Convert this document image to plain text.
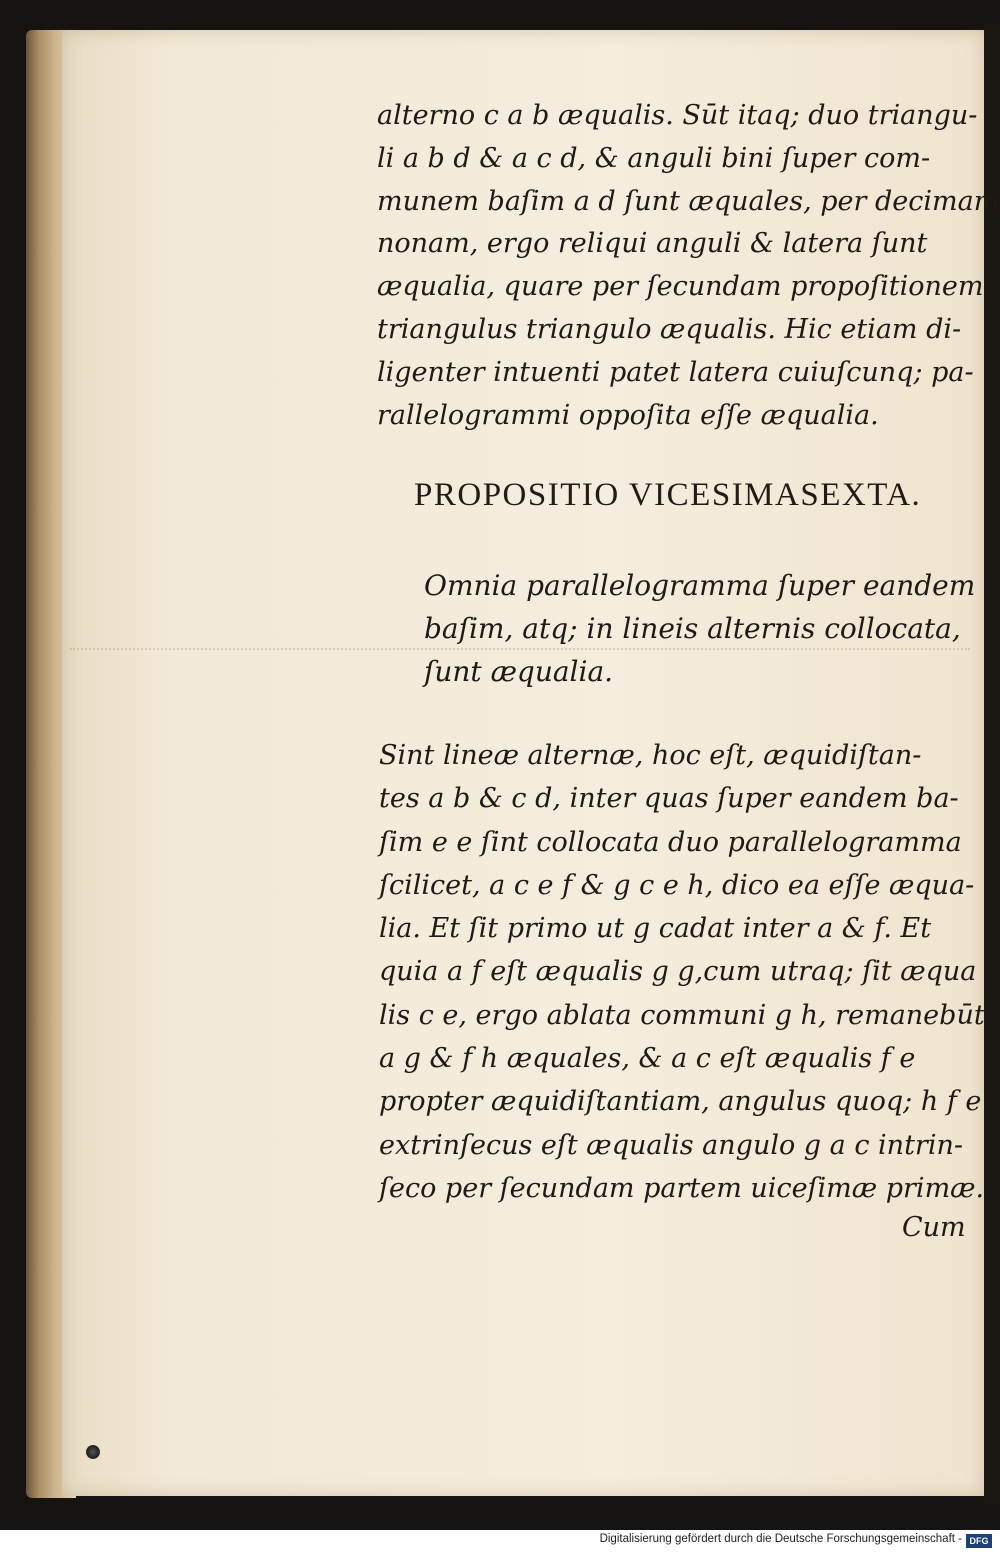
alterno c a b æqualis. Sūt itaq; duo triangu-
li a b d & a c d, & anguli bini ſuper com-
munem baſim a d ſunt æquales, per decimam
nonam, ergo reliqui anguli & latera ſunt
æqualia, quare per ſecundam propoſitionem
triangulus triangulo æqualis. Hic etiam di-
ligenter intuenti patet latera cuiuſcunq; pa-
rallelogrammi oppoſita eſſe æqualia.
PROPOSITIO VICESIMASEXTA.
Omnia parallelogramma ſuper eandem
baſim, atq; in lineis alternis collocata,
ſunt æqualia.
Sint lineæ alternæ, hoc eſt, æquidiſtan-
tes a b & c d, inter quas ſuper eandem ba-
ſim e e ſint collocata duo parallelogramma
ſcilicet, a c e f & g c e h, dico ea eſſe æqua-
lia. Et ſit primo ut g cadat inter a & f. Et
quia a f eſt æqualis g g,cum utraq; ſit æqua -
lis c e, ergo ablata communi g h, remanebūt
a g & f h æquales, & a c eſt æqualis f e
propter æquidiſtantiam, angulus quoq; h f e
extrinſecus eſt æqualis angulo g a c intrin-
ſeco per ſecundam partem uiceſimæ primæ.
Cum
Digitalisierung gefördert durch die Deutsche Forschungsgemeinschaft - DFG
